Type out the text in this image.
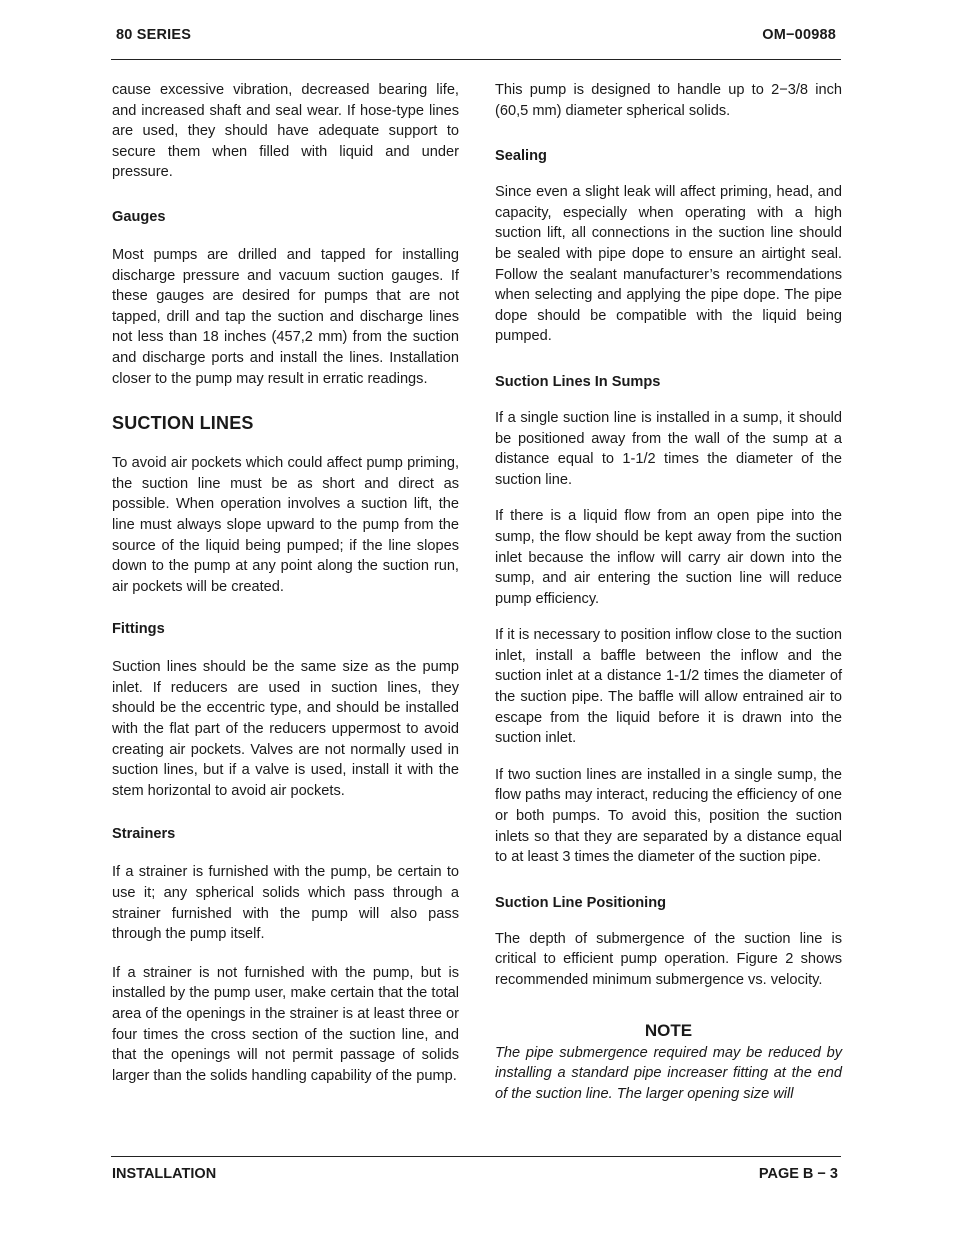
80 SERIES	OM−00988

cause excessive vibration, decreased bearing life, and increased shaft and seal wear. If hose-type lines are used, they should have adequate support to secure them when filled with liquid and under pressure.

Gauges

Most pumps are drilled and tapped for installing discharge pressure and vacuum suction gauges. If these gauges are desired for pumps that are not tapped, drill and tap the suction and discharge lines not less than 18 inches (457,2 mm) from the suction and discharge ports and install the lines. Installation closer to the pump may result in erratic readings.

SUCTION LINES

To avoid air pockets which could affect pump priming, the suction line must be as short and direct as possible. When operation involves a suction lift, the line must always slope upward to the pump from the source of the liquid being pumped; if the line slopes down to the pump at any point along the suction run, air pockets will be created.

Fittings

Suction lines should be the same size as the pump inlet. If reducers are used in suction lines, they should be the eccentric type, and should be installed with the flat part of the reducers uppermost to avoid creating air pockets. Valves are not normally used in suction lines, but if a valve is used, install it with the stem horizontal to avoid air pockets.

Strainers

If a strainer is furnished with the pump, be certain to use it; any spherical solids which pass through a strainer furnished with the pump will also pass through the pump itself.

If a strainer is not furnished with the pump, but is installed by the pump user, make certain that the total area of the openings in the strainer is at least three or four times the cross section of the suction line, and that the openings will not permit passage of solids larger than the solids handling capability of the pump.

This pump is designed to handle up to 2−3/8 inch (60,5 mm) diameter spherical solids.

Sealing

Since even a slight leak will affect priming, head, and capacity, especially when operating with a high suction lift, all connections in the suction line should be sealed with pipe dope to ensure an airtight seal. Follow the sealant manufacturer’s recommendations when selecting and applying the pipe dope. The pipe dope should be compatible with the liquid being pumped.

Suction Lines In Sumps

If a single suction line is installed in a sump, it should be positioned away from the wall of the sump at a distance equal to 1-1/2 times the diameter of the suction line.

If there is a liquid flow from an open pipe into the sump, the flow should be kept away from the suction inlet because the inflow will carry air down into the sump, and air entering the suction line will reduce pump efficiency.

If it is necessary to position inflow close to the suction inlet, install a baffle between the inflow and the suction inlet at a distance 1-1/2 times the diameter of the suction pipe. The baffle will allow entrained air to escape from the liquid before it is drawn into the suction inlet.

If two suction lines are installed in a single sump, the flow paths may interact, reducing the efficiency of one or both pumps. To avoid this, position the suction inlets so that they are separated by a distance equal to at least 3 times the diameter of the suction pipe.

Suction Line Positioning

The depth of submergence of the suction line is critical to efficient pump operation. Figure 2 shows recommended minimum submergence vs. velocity.

NOTE

The pipe submergence required may be reduced by installing a standard pipe increaser fitting at the end of the suction line. The larger opening size will

INSTALLATION	PAGE B − 3
